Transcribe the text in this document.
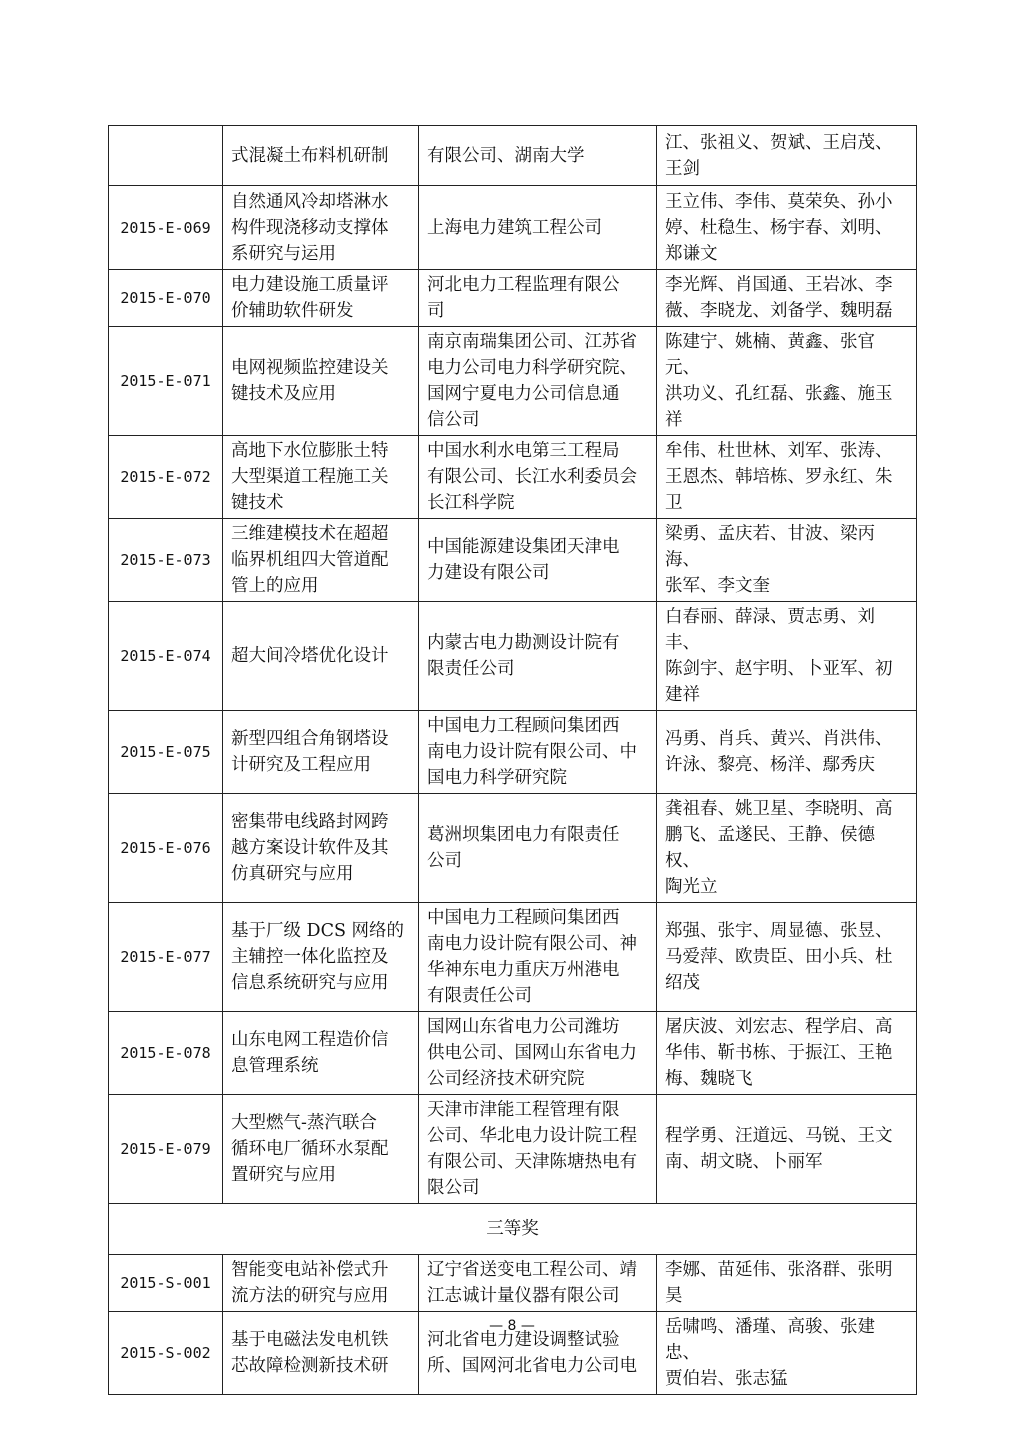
	式混凝土布料机研制	有限公司、湖南大学	江、张祖义、贺斌、王启茂、
王剑
2015-E-069	自然通风冷却塔淋水
构件现浇移动支撑体
系研究与运用	上海电力建筑工程公司	王立伟、李伟、莫荣奂、孙小
婷、杜稳生、杨宇春、刘明、
郑谦文
2015-E-070	电力建设施工质量评
价辅助软件研发	河北电力工程监理有限公
司	李光辉、肖国通、王岩冰、李
薇、李晓龙、刘备学、魏明磊
2015-E-071	电网视频监控建设关
键技术及应用	南京南瑞集团公司、江苏省
电力公司电力科学研究院、
国网宁夏电力公司信息通
信公司	陈建宁、姚楠、黄鑫、张官元、
洪功义、孔红磊、张鑫、施玉
祥
2015-E-072	高地下水位膨胀土特
大型渠道工程施工关
键技术	中国水利水电第三工程局
有限公司、长江水利委员会
长江科学院	牟伟、杜世林、刘军、张涛、
王恩杰、韩培栋、罗永红、朱
卫
2015-E-073	三维建模技术在超超
临界机组四大管道配
管上的应用	中国能源建设集团天津电
力建设有限公司	梁勇、孟庆若、甘波、梁丙海、
张军、李文奎
2015-E-074	超大间冷塔优化设计	内蒙古电力勘测设计院有
限责任公司	白春丽、薛渌、贾志勇、刘丰、
陈剑宇、赵宇明、卜亚军、初
建祥
2015-E-075	新型四组合角钢塔设
计研究及工程应用	中国电力工程顾问集团西
南电力设计院有限公司、中
国电力科学研究院	冯勇、肖兵、黄兴、肖洪伟、
许泳、黎亮、杨洋、鄢秀庆
2015-E-076	密集带电线路封网跨
越方案设计软件及其
仿真研究与应用	葛洲坝集团电力有限责任
公司	龚祖春、姚卫星、李晓明、高
鹏飞、孟遂民、王静、侯德权、
陶光立
2015-E-077	基于厂级 DCS 网络的
主辅控一体化监控及
信息系统研究与应用	中国电力工程顾问集团西
南电力设计院有限公司、神
华神东电力重庆万州港电
有限责任公司	郑强、张宇、周显德、张昱、
马爱萍、欧贵臣、田小兵、杜
绍茂
2015-E-078	山东电网工程造价信
息管理系统	国网山东省电力公司潍坊
供电公司、国网山东省电力
公司经济技术研究院	屠庆波、刘宏志、程学启、高
华伟、靳书栋、于振江、王艳
梅、魏晓飞
2015-E-079	大型燃气-蒸汽联合
循环电厂循环水泵配
置研究与应用	天津市津能工程管理有限
公司、华北电力设计院工程
有限公司、天津陈塘热电有
限公司	程学勇、汪道远、马锐、王文
南、胡文晓、卜丽军
三等奖			
2015-S-001	智能变电站补偿式升
流方法的研究与应用	辽宁省送变电工程公司、靖
江志诚计量仪器有限公司	李娜、苗延伟、张洛群、张明
昊
2015-S-002	基于电磁法发电机铁
芯故障检测新技术研	河北省电力建设调整试验
所、国网河北省电力公司电	岳啸鸣、潘瑾、高骏、张建忠、
贾伯岩、张志猛
— 8 —
